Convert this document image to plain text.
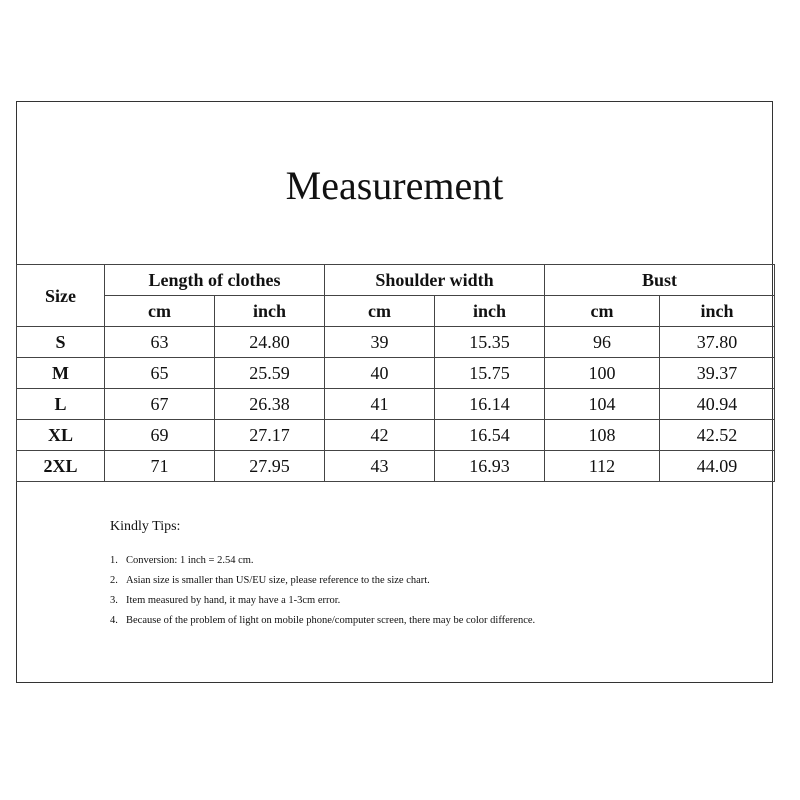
Measurement
Size	Length of clothes		Shoulder width		Bust	
	cm	inch	cm	inch	cm	inch
S	63	24.80	39	15.35	96	37.80
M	65	25.59	40	15.75	100	39.37
L	67	26.38	41	16.14	104	40.94
XL	69	27.17	42	16.54	108	42.52
2XL	71	27.95	43	16.93	112	44.09
Kindly Tips:
1. Conversion: 1 inch = 2.54 cm.
2. Asian size is smaller than US/EU size, please reference to the size chart.
3. Item measured by hand, it may have a 1-3cm error.
4. Because of the problem of light on mobile phone/computer screen, there may be color difference.
